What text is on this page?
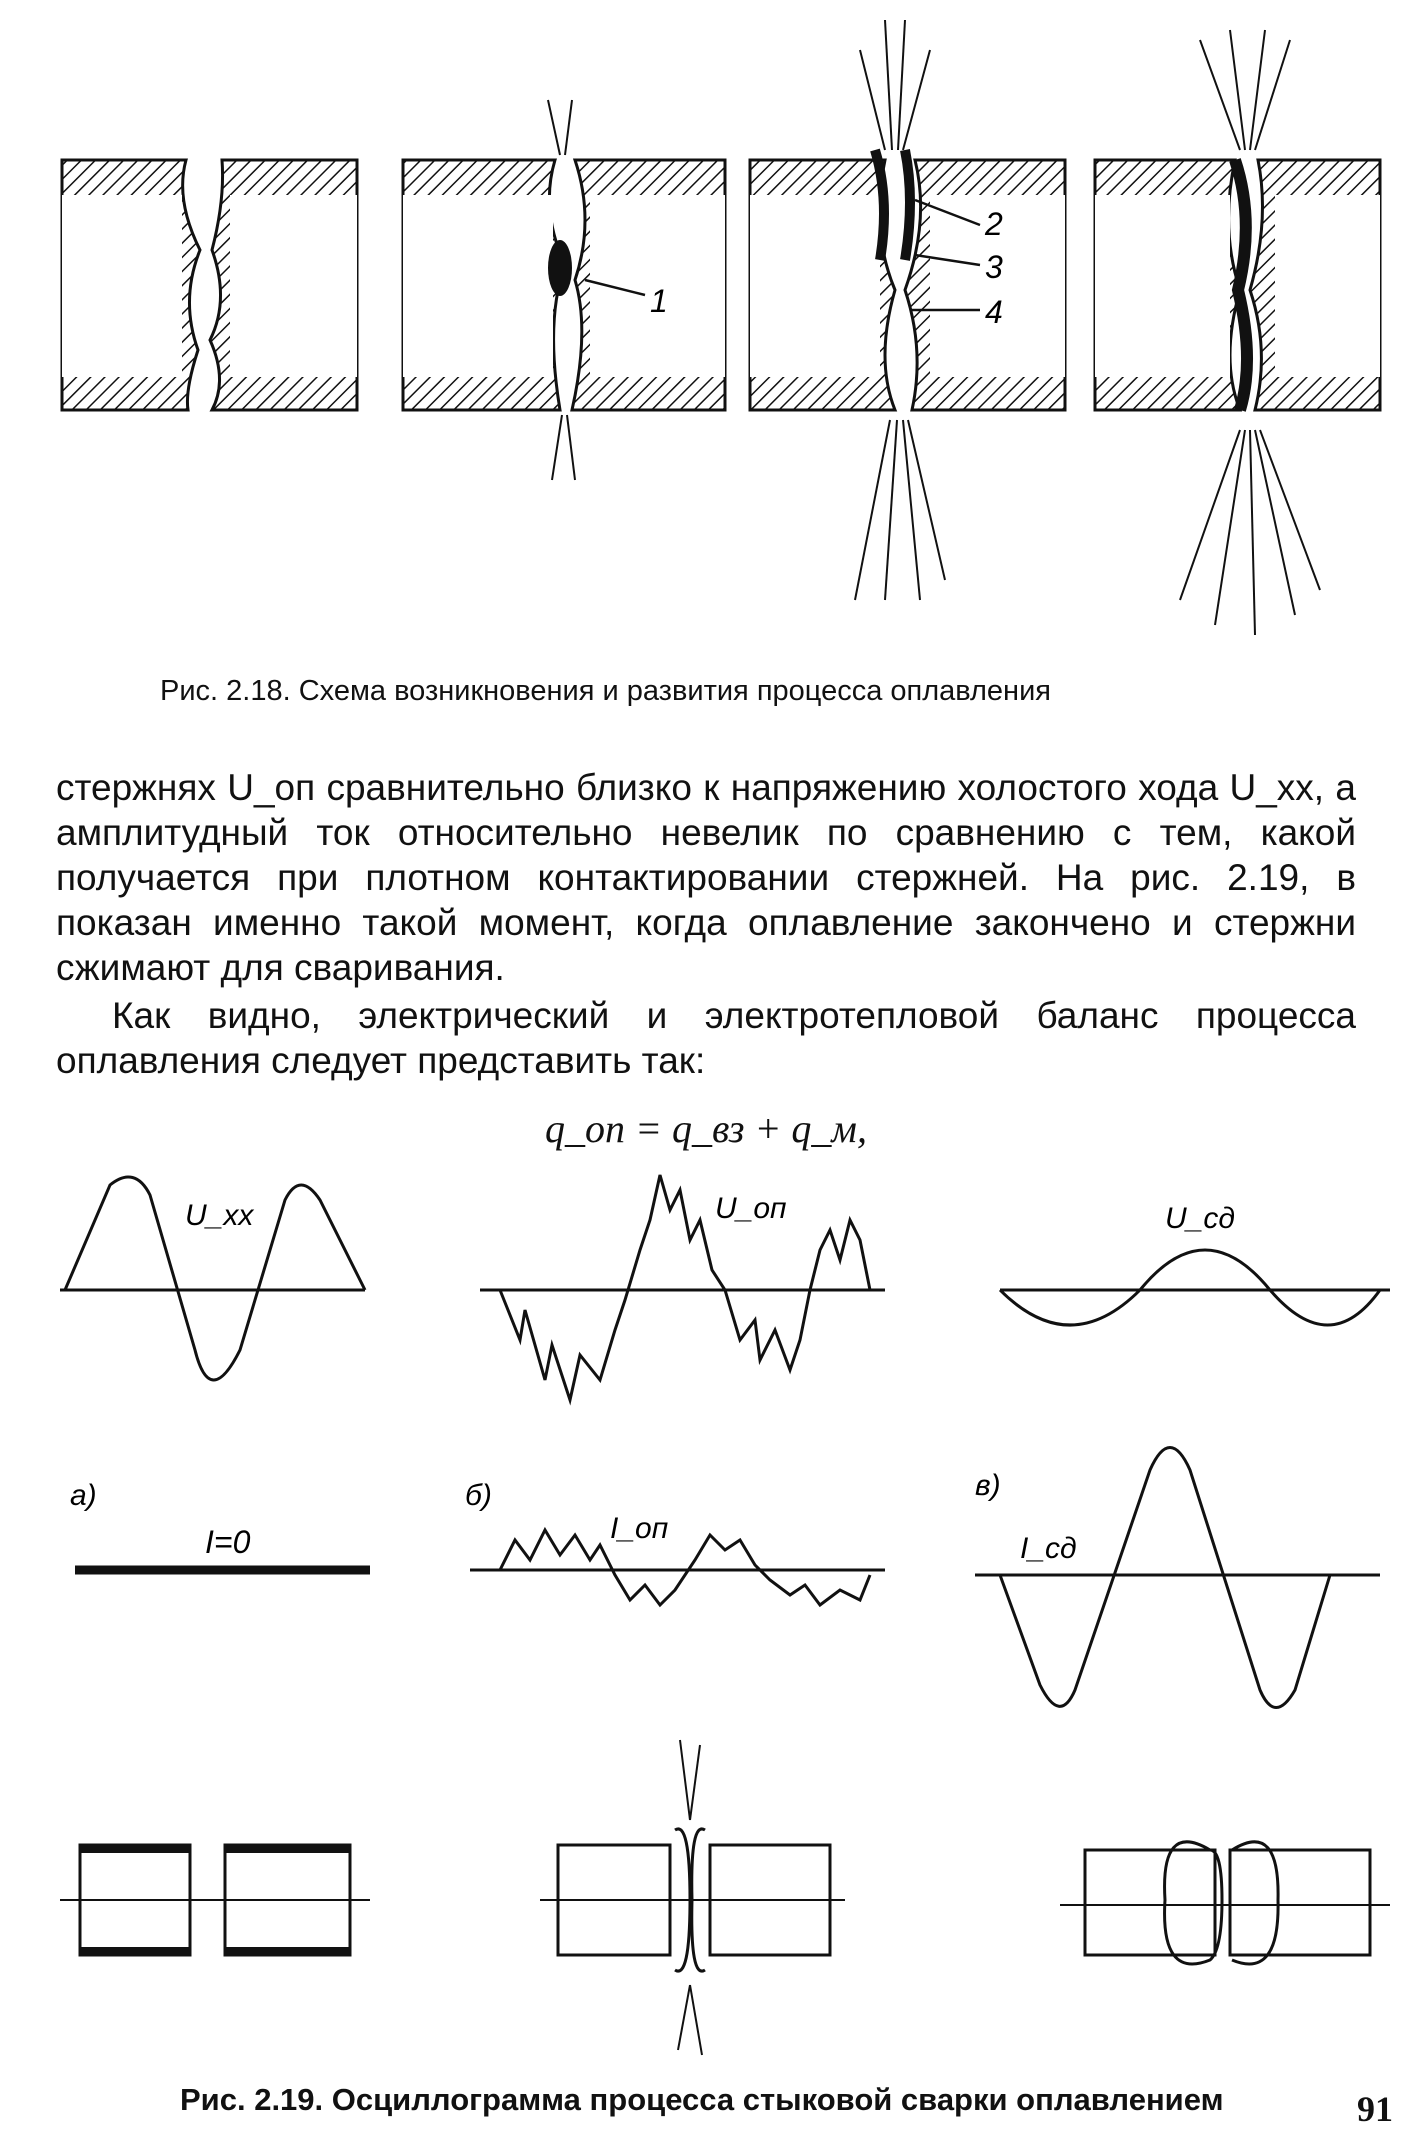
1
2
3
4
Рис. 2.18. Схема возникновения и развития процесса оплавления

стержнях U_оп сравнительно близко к напряжению холостого хода U_xx, а амплитудный ток относительно невелик по сравнению с тем, какой получается при плотном контактировании стержней. На рис. 2.19, в показан именно такой момент, когда оплавление закончено и стержни сжимают для сваривания.

Как видно, электрический и электротепловой баланс процесса оплавления следует представить так:

q_оп = q_вз + q_м,
U_xx	U_оп	U_сд
а)	б)	в)
I=0	I_оп
I_сд
Рис. 2.19. Осциллограмма процесса стыковой сварки оплавлением	91
